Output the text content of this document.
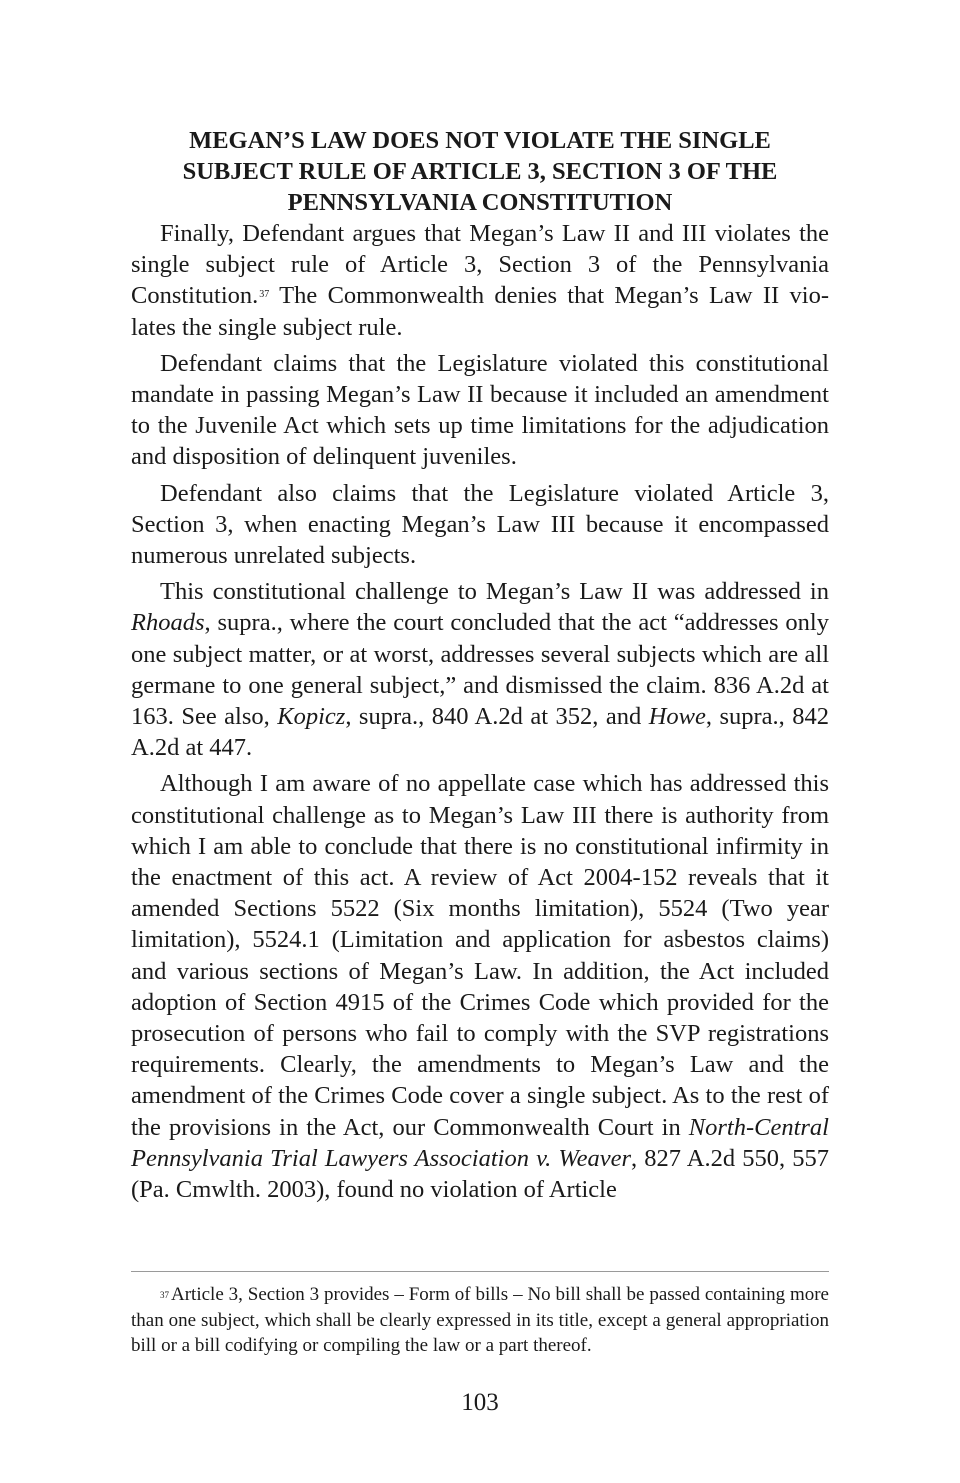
MEGAN’S LAW DOES NOT VIOLATE THE SINGLE
SUBJECT RULE OF ARTICLE 3, SECTION 3 OF THE
PENNSYLVANIA CONSTITUTION

Finally, Defendant argues that Megan’s Law II and III violates the single subject rule of Article 3, Section 3 of the Pennsylvania Constitution.$^{37}$ The Commonwealth denies that Megan’s Law II violates the single subject rule.

Defendant claims that the Legislature violated this constitutional mandate in passing Megan’s Law II because it included an amendment to the Juvenile Act which sets up time limitations for the adjudication and disposition of delinquent juveniles.

Defendant also claims that the Legislature violated Article 3, Section 3, when enacting Megan’s Law III because it encompassed numerous unrelated subjects.

This constitutional challenge to Megan’s Law II was addressed in Rhoads, supra., where the court concluded that the act “addresses only one subject matter, or at worst, addresses several subjects which are all germane to one general subject,” and dismissed the claim. 836 A.2d at 163. See also, Kopicz, supra., 840 A.2d at 352, and Howe, supra., 842 A.2d at 447.

Although I am aware of no appellate case which has addressed this constitutional challenge as to Megan’s Law III there is authority from which I am able to conclude that there is no constitutional infirmity in the enactment of this act. A review of Act 2004-152 reveals that it amended Sections 5522 (Six months limitation), 5524 (Two year limitation), 5524.1 (Limitation and application for asbestos claims) and various sections of Megan’s Law. In addition, the Act included adoption of Section 4915 of the Crimes Code which provided for the prosecution of persons who fail to comply with the SVP registrations requirements. Clearly, the amendments to Megan’s Law and the amendment of the Crimes Code cover a single subject. As to the rest of the provisions in the Act, our Commonwealth Court in North-Central Pennsylvania Trial Lawyers Association v. Weaver, 827 A.2d 550, 557 (Pa. Cmwlth. 2003), found no violation of Article

$^{37}$ Article 3, Section 3 provides – Form of bills – No bill shall be passed containing more than one subject, which shall be clearly expressed in its title, except a general appropriation bill or a bill codifying or compiling the law or a part thereof.

103
